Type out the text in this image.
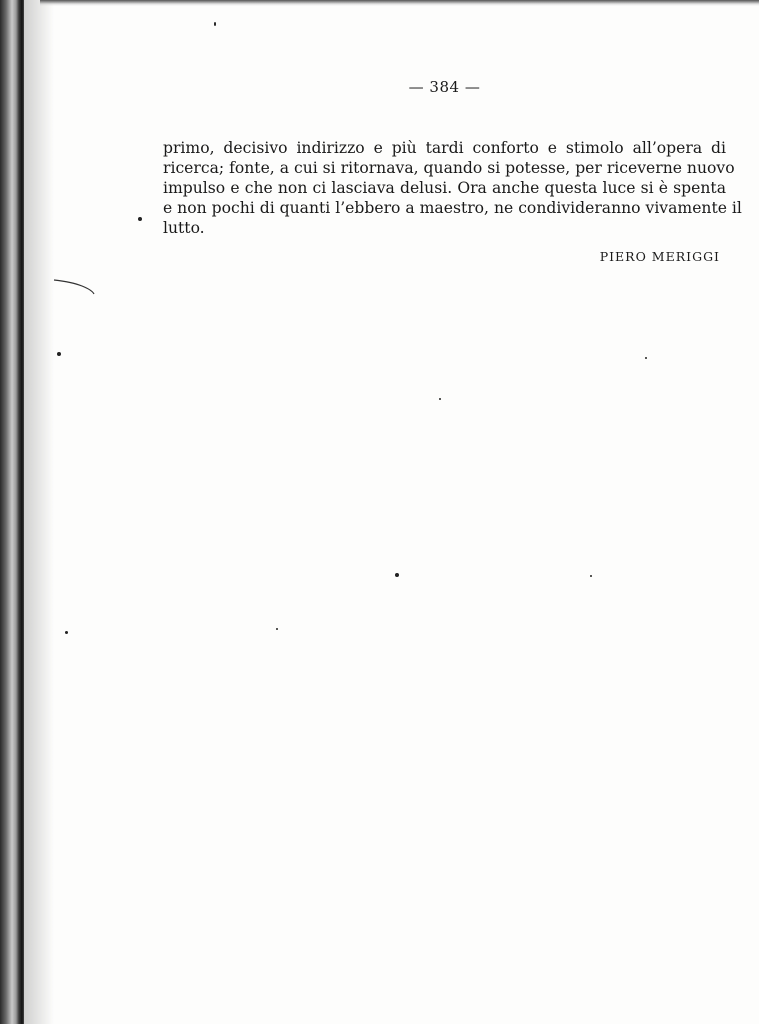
— 384 —
primo, decisivo indirizzo e più tardi conforto e stimolo all’opera di
ricerca; fonte, a cui si ritornava, quando si potesse, per riceverne nuovo
impulso e che non ci lasciava delusi. Ora anche questa luce si è spenta
e non pochi di quanti l’ebbero a maestro, ne condivideranno vivamente il
lutto.
PIERO MERIGGI
